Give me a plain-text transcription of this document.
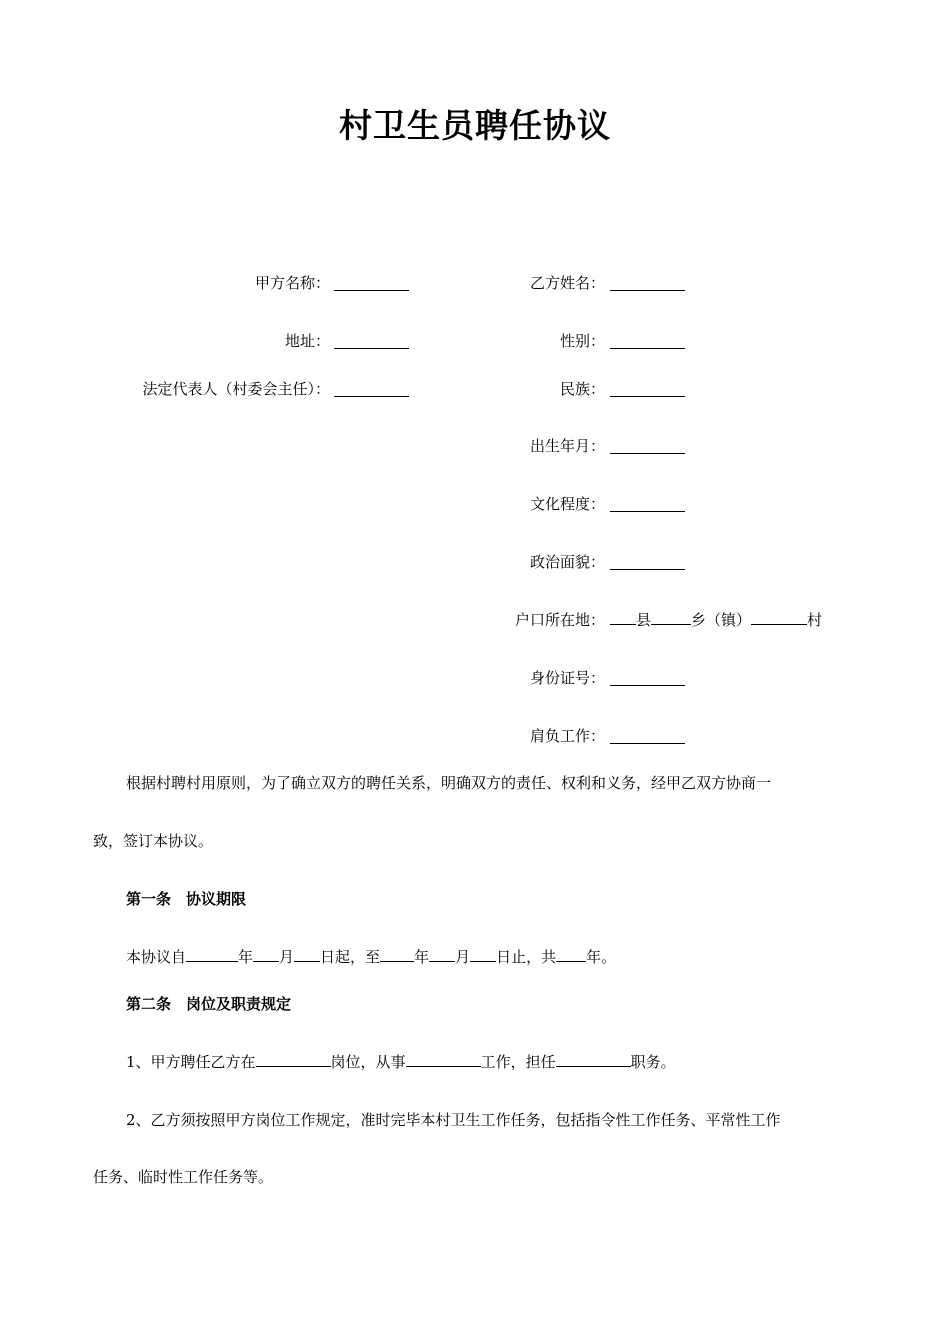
村卫生员聘任协议
甲方名称：
地址：
法定代表人（村委会主任）：
乙方姓名：
性别：
民族：
出生年月：
文化程度：
政治面貌：
户口所在地：	县	乡（镇）	村
身份证号：
肩负工作：
根据村聘村用原则，为了确立双方的聘任关系，明确双方的责任、权利和义务，经甲乙双方协商一
致，签订本协议。
第一条　协议期限
本协议自	年 月 日起，至 年 月 日止，共 年。
第二条　岗位及职责规定
1、甲方聘任乙方在	岗位，从事	工作，担任	职务。
2、乙方须按照甲方岗位工作规定，准时完毕本村卫生工作任务，包括指令性工作任务、平常性工作
任务、临时性工作任务等。
